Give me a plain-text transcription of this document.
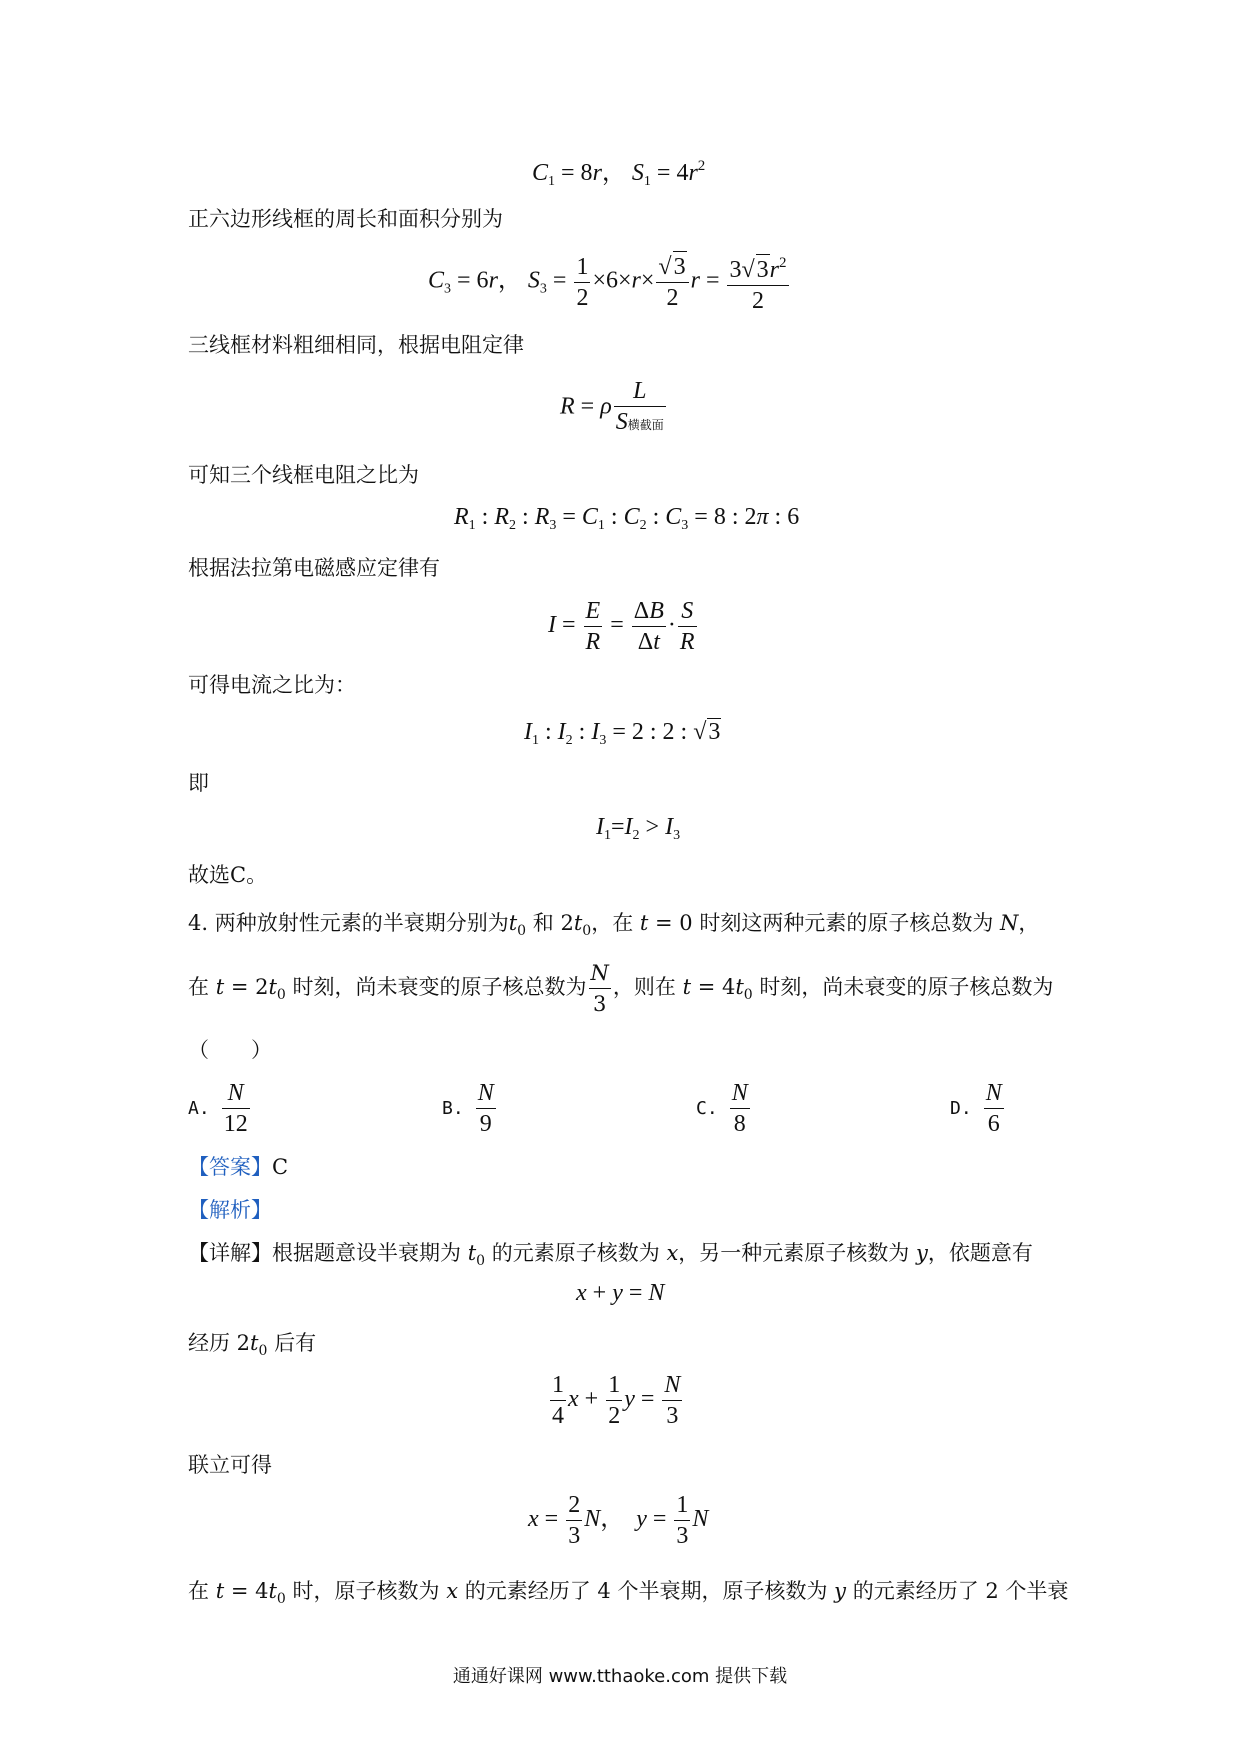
$C_1 = 8r$， $S_1 = 4r^2$
正六边形线框的周长和面积分别为
$C_3 = 6r$， $S_3 = \frac{1}{2} \times 6\times r\times \frac{√3}{2}$ $r = \frac{3√3r^2}{2}$
三线框材料粗细相同，根据电阻定律
R = ρ $\frac{L}{\text{S横截面}}$
可知三个线框电阻之比为
$R_1$ : $R_2$ : $R_3 = C_1$ : $C_2$ : $C_3 = 8$ : 2π : 6
根据法拉第电磁感应定律有
$I = \frac{E}{R} = \frac{\Delta B}{\Delta t} \cdot \frac{S}{R}$
可得电流之比为：
$I_1$ : $I_2$ : $I_3 = 2$ : 2 : √3
即
$I_1=I_2 > I_3$
故选C。
4. 两种放射性元素的半衰期分别为$t_0$ 和 $2t_0$，在 t = 0 时刻这两种元素的原子核总数为 N，
在 $t = 2t_0$ 时刻，尚未衰变的原子核总数为 $\frac{N}{3}$ ，则在 $t = 4t_0$ 时刻，尚未衰变的原子核总数为
（　　）
A. $\frac{N}{12}$	B. $\frac{N}{9}$	C. $\frac{N}{8}$	D. $\frac{N}{6}$
【答案】C
【解析】
【详解】根据题意设半衰期为 $t_0$ 的元素原子核数为 x，另一种元素原子核数为 y，依题意有
x + y = N
经历 $2t_0$ 后有
$\frac{1}{4}$ $x + \frac{1}{2}$ $y = \frac{N}{3}$
联立可得
$x = \frac{2}{3}$ N，  $y = \frac{1}{3}$ N
在 $t = 4t_0$ 时，原子核数为 x 的元素经历了 4 个半衰期，原子核数为 y 的元素经历了 2 个半衰
通通好课网 www.tthaoke.com 提供下载
